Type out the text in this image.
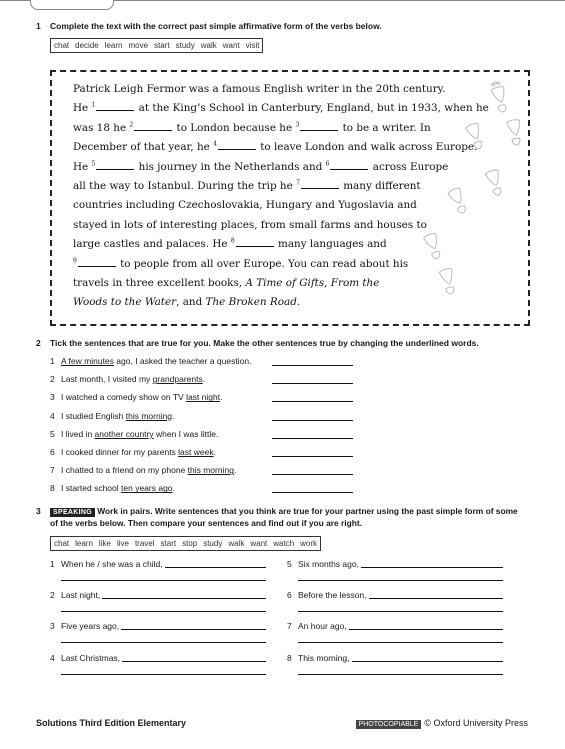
1 Complete the text with the correct past simple affirmative form of the verbs below.
chat decide learn move start study walk want visit
Patrick Leigh Fermor was a famous English writer in the 20th century.
He $^1$	at the King’s School in Canterbury, England, but in 1933, when he
was 18 he $^2$	to London because he $^3$	to be a writer. In
December of that year, he $^4$	to leave London and walk across Europe.
He $^5$	his journey in the Netherlands and $^6$	across Europe
all the way to Istanbul. During the trip he $^7$	many different
countries including Czechoslovakia, Hungary and Yugoslavia and
stayed in lots of interesting places, from small farms and houses to
large castles and palaces. He $^8$	many languages and
$^9$	to people from all over Europe. You can read about his
travels in three excellent books, A Time of Gifts, From the
Woods to the Water, and The Broken Road.
2 Tick the sentences that are true for you. Make the other sentences true by changing the underlined words.
1 A few minutes ago, I asked the teacher a question.
2 Last month, I visited my grandparents.
3 I watched a comedy show on TV last night.
4 I studied English this morning.
5 I lived in another country when I was little.
6 I cooked dinner for my parents last week.
7 I chatted to a friend on my phone this morning.
8 I started school ten years ago.
3	SPEAKING Work in pairs. Write sentences that you think are true for your partner using the past simple form of some
of the verbs below. Then compare your sentences and find out if you are right.
chat learn like live travel start stop study walk want watch work
1 When he / she was a child,
2 Last night,
3 Five years ago,
4 Last Christmas,
5 Six months ago,
6 Before the lesson,
7 An hour ago,
8 This morning,
Solutions Third Edition Elementary	PHOTOCOPIABLE © Oxford University Press
